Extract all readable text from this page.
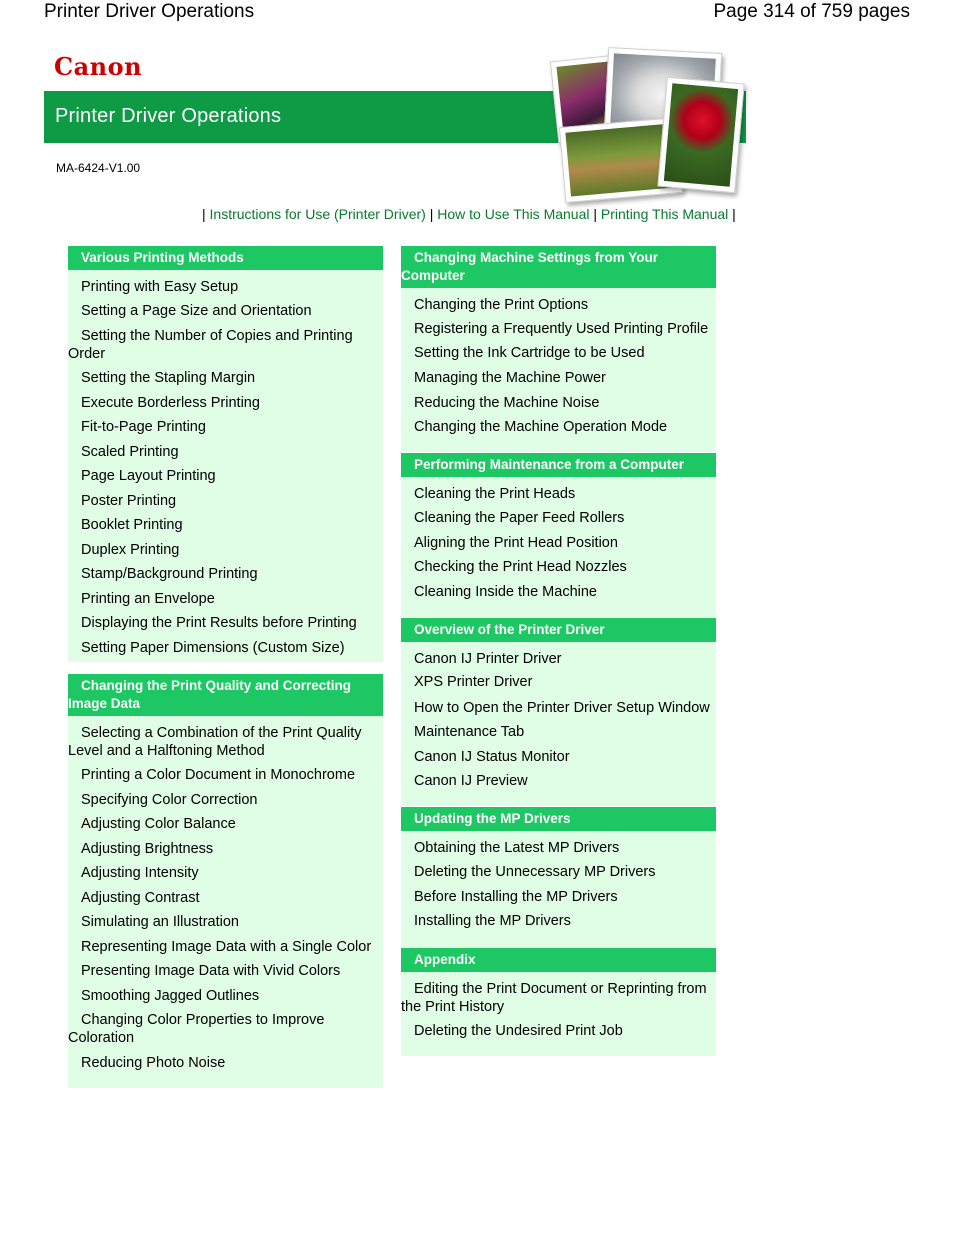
Printer Driver Operations	Page 314 of 759 pages
Canon
Printer Driver Operations
MA-6424-V1.00
| Instructions for Use (Printer Driver) | How to Use This Manual | Printing This Manual |
Various Printing Methods
Printing with Easy Setup
Setting a Page Size and Orientation
Setting the Number of Copies and Printing Order
Setting the Stapling Margin
Execute Borderless Printing
Fit-to-Page Printing
Scaled Printing
Page Layout Printing
Poster Printing
Booklet Printing
Duplex Printing
Stamp/Background Printing
Printing an Envelope
Displaying the Print Results before Printing
Setting Paper Dimensions (Custom Size)
Changing the Print Quality and Correcting Image Data
Selecting a Combination of the Print Quality Level and a Halftoning Method
Printing a Color Document in Monochrome
Specifying Color Correction
Adjusting Color Balance
Adjusting Brightness
Adjusting Intensity
Adjusting Contrast
Simulating an Illustration
Representing Image Data with a Single Color
Presenting Image Data with Vivid Colors
Smoothing Jagged Outlines
Changing Color Properties to Improve Coloration
Reducing Photo Noise
Changing Machine Settings from Your Computer
Changing the Print Options
Registering a Frequently Used Printing Profile
Setting the Ink Cartridge to be Used
Managing the Machine Power
Reducing the Machine Noise
Changing the Machine Operation Mode
Performing Maintenance from a Computer
Cleaning the Print Heads
Cleaning the Paper Feed Rollers
Aligning the Print Head Position
Checking the Print Head Nozzles
Cleaning Inside the Machine
Overview of the Printer Driver
Canon IJ Printer Driver
XPS Printer Driver
How to Open the Printer Driver Setup Window
Maintenance Tab
Canon IJ Status Monitor
Canon IJ Preview
Updating the MP Drivers
Obtaining the Latest MP Drivers
Deleting the Unnecessary MP Drivers
Before Installing the MP Drivers
Installing the MP Drivers
Appendix
Editing the Print Document or Reprinting from the Print History
Deleting the Undesired Print Job
